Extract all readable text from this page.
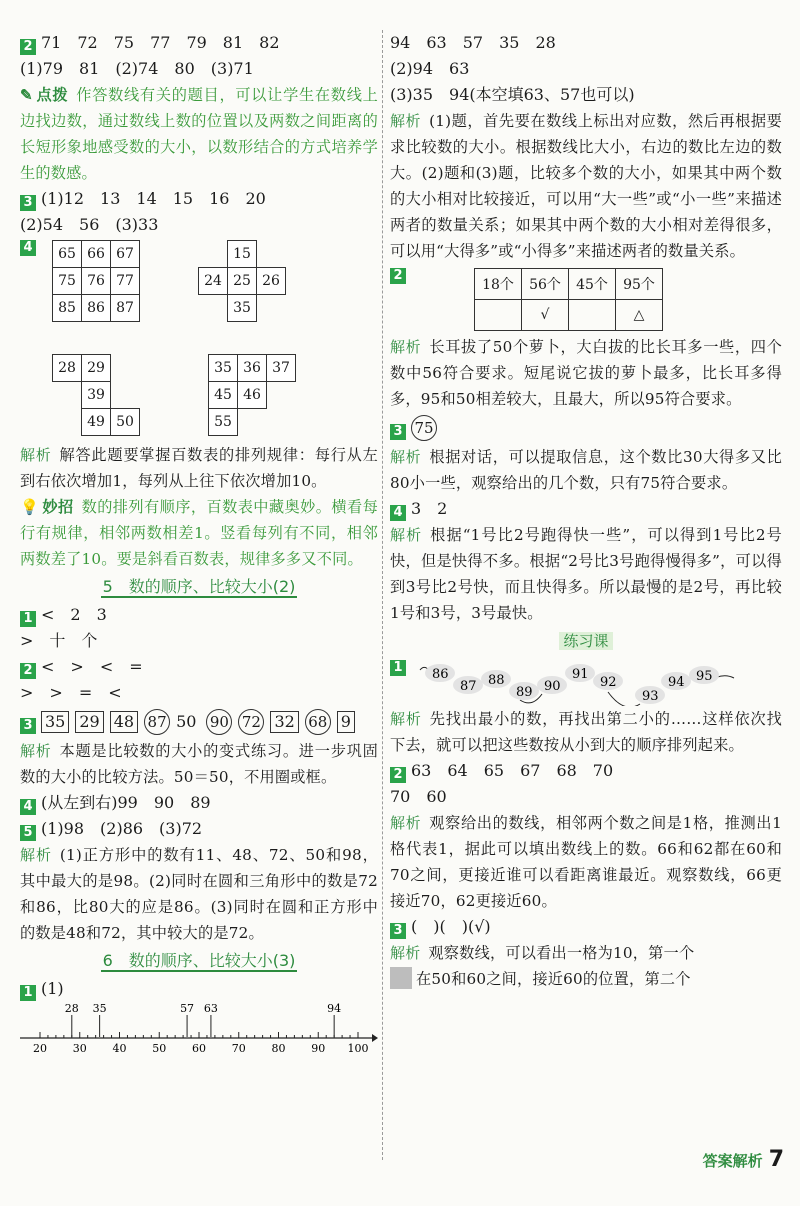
2 71　72　75　77　79　81　82
(1)79　81　(2)74　80　(3)71
✎ 点拨 作答数线有关的题目，可以让学生在数线上边找边数，通过数线上数的位置以及两数之间距离的长短形象地感受数的大小，以数形结合的方式培养学生的数感。
3 (1)12　13　14　15　16　20
(2)54　56　(3)33
4	65 66 67
75 76 77
85 86 87
15
24 25 26
35
28 29
39
49 50
35 36 37
45 46
55
解析 解答此题要掌握百数表的排列规律：每行从左到右依次增加1，每列从上往下依次增加10。
💡 妙招 数的排列有顺序，百数表中藏奥妙。横看每行有规律，相邻两数相差1。竖看每列有不同，相邻两数差了10。要是斜看百数表，规律多多又不同。
5　数的顺序、比较大小(2)
1 <　2　3
>　十　个
2 <　>　<　=
>　>　=　<
3 35 29 48 87 50 90 72 32 68 9
解析 本题是比较数的大小的变式练习。进一步巩固数的大小的比较方法。50＝50，不用圈或框。
4 (从左到右)99　90　89
5 (1)98　(2)86　(3)72
解析 (1)正方形中的数有11、48、72、50和98，其中最大的是98。(2)同时在圆和三角形中的数是72和86，比80大的应是86。(3)同时在圆和正方形中的数是48和72，其中较大的是72。
6　数的顺序、比较大小(3)
1 (1)
20 30 40 50 60 70 80 90 100
28 35	57 63	94
94　63　57　35　28
(2)94　63
(3)35　94(本空填63、57也可以)
解析 (1)题，首先要在数线上标出对应数，然后再根据要求比较数的大小。根据数线比大小，右边的数比左边的数大。(2)题和(3)题，比较多个数的大小，如果其中两个数的大小相对比较接近，可以用“大一些”或“小一些”来描述两者的数量关系；如果其中两个数的大小相对差得很多，可以用“大得多”或“小得多”来描述两者的数量关系。
2
18个	56个	45个	95个
	√		△
解析 长耳拔了50个萝卜，大白拔的比长耳多一些，四个数中56符合要求。短尾说它拔的萝卜最多，比长耳多得多，95和50相差较大，且最大，所以95符合要求。
3 75
解析 根据对话，可以提取信息，这个数比30大得多又比80小一些，观察给出的几个数，只有75符合要求。
4 3　2
解析 根据“1号比2号跑得快一些”，可以得到1号比2号快，但是快得不多。根据“2号比3号跑得慢得多”，可以得到3号比2号快，而且快得多。所以最慢的是2号，再比较1号和3号，3号最快。
练习课
1 86
87 88
89 90
91
92
93
94 95
解析 先找出最小的数，再找出第二小的……这样依次找下去，就可以把这些数按从小到大的顺序排列起来。
2 63　64　65　67　68　70
70　60
解析 观察给出的数线，相邻两个数之间是1格，推测出1格代表1，据此可以填出数线上的数。66和62都在60和70之间，更接近谁可以看距离谁最近。观察数线，66更接近70，62更接近60。
3 (　)(　)(√)
解析 观察数线，可以看出一格为10，第一个
在50和60之间，接近60的位置，第二个
答案解析 7
